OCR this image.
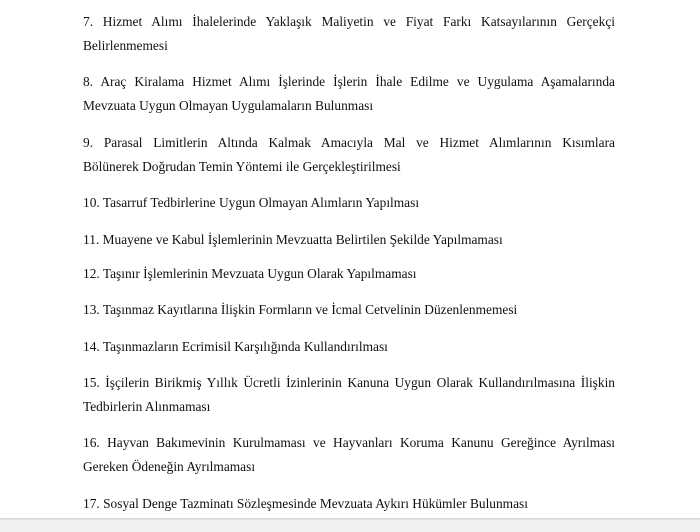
7. Hizmet Alımı İhalelerinde Yaklaşık Maliyetin ve Fiyat Farkı Katsayılarının Gerçekçi
Belirlenmemesi
8. Araç Kiralama Hizmet Alımı İşlerinde İşlerin İhale Edilme ve Uygulama Aşamalarında
Mevzuata Uygun Olmayan Uygulamaların Bulunması
9. Parasal Limitlerin Altında Kalmak Amacıyla Mal ve Hizmet Alımlarının Kısımlara
Bölünerek Doğrudan Temin Yöntemi ile Gerçekleştirilmesi
10. Tasarruf Tedbirlerine Uygun Olmayan Alımların Yapılması
11. Muayene ve Kabul İşlemlerinin Mevzuatta Belirtilen Şekilde Yapılmaması
12. Taşınır İşlemlerinin Mevzuata Uygun Olarak Yapılmaması
13. Taşınmaz Kayıtlarına İlişkin Formların ve İcmal Cetvelinin Düzenlenmemesi
14. Taşınmazların Ecrimisil Karşılığında Kullandırılması
15. İşçilerin Birikmiş Yıllık Ücretli İzinlerinin Kanuna Uygun Olarak Kullandırılmasına İlişkin
Tedbirlerin Alınmaması
16. Hayvan Bakımevinin Kurulmaması ve Hayvanları Koruma Kanunu Gereğince Ayrılması
Gereken Ödeneğin Ayrılmaması
17. Sosyal Denge Tazminatı Sözleşmesinde Mevzuata Aykırı Hükümler Bulunması
